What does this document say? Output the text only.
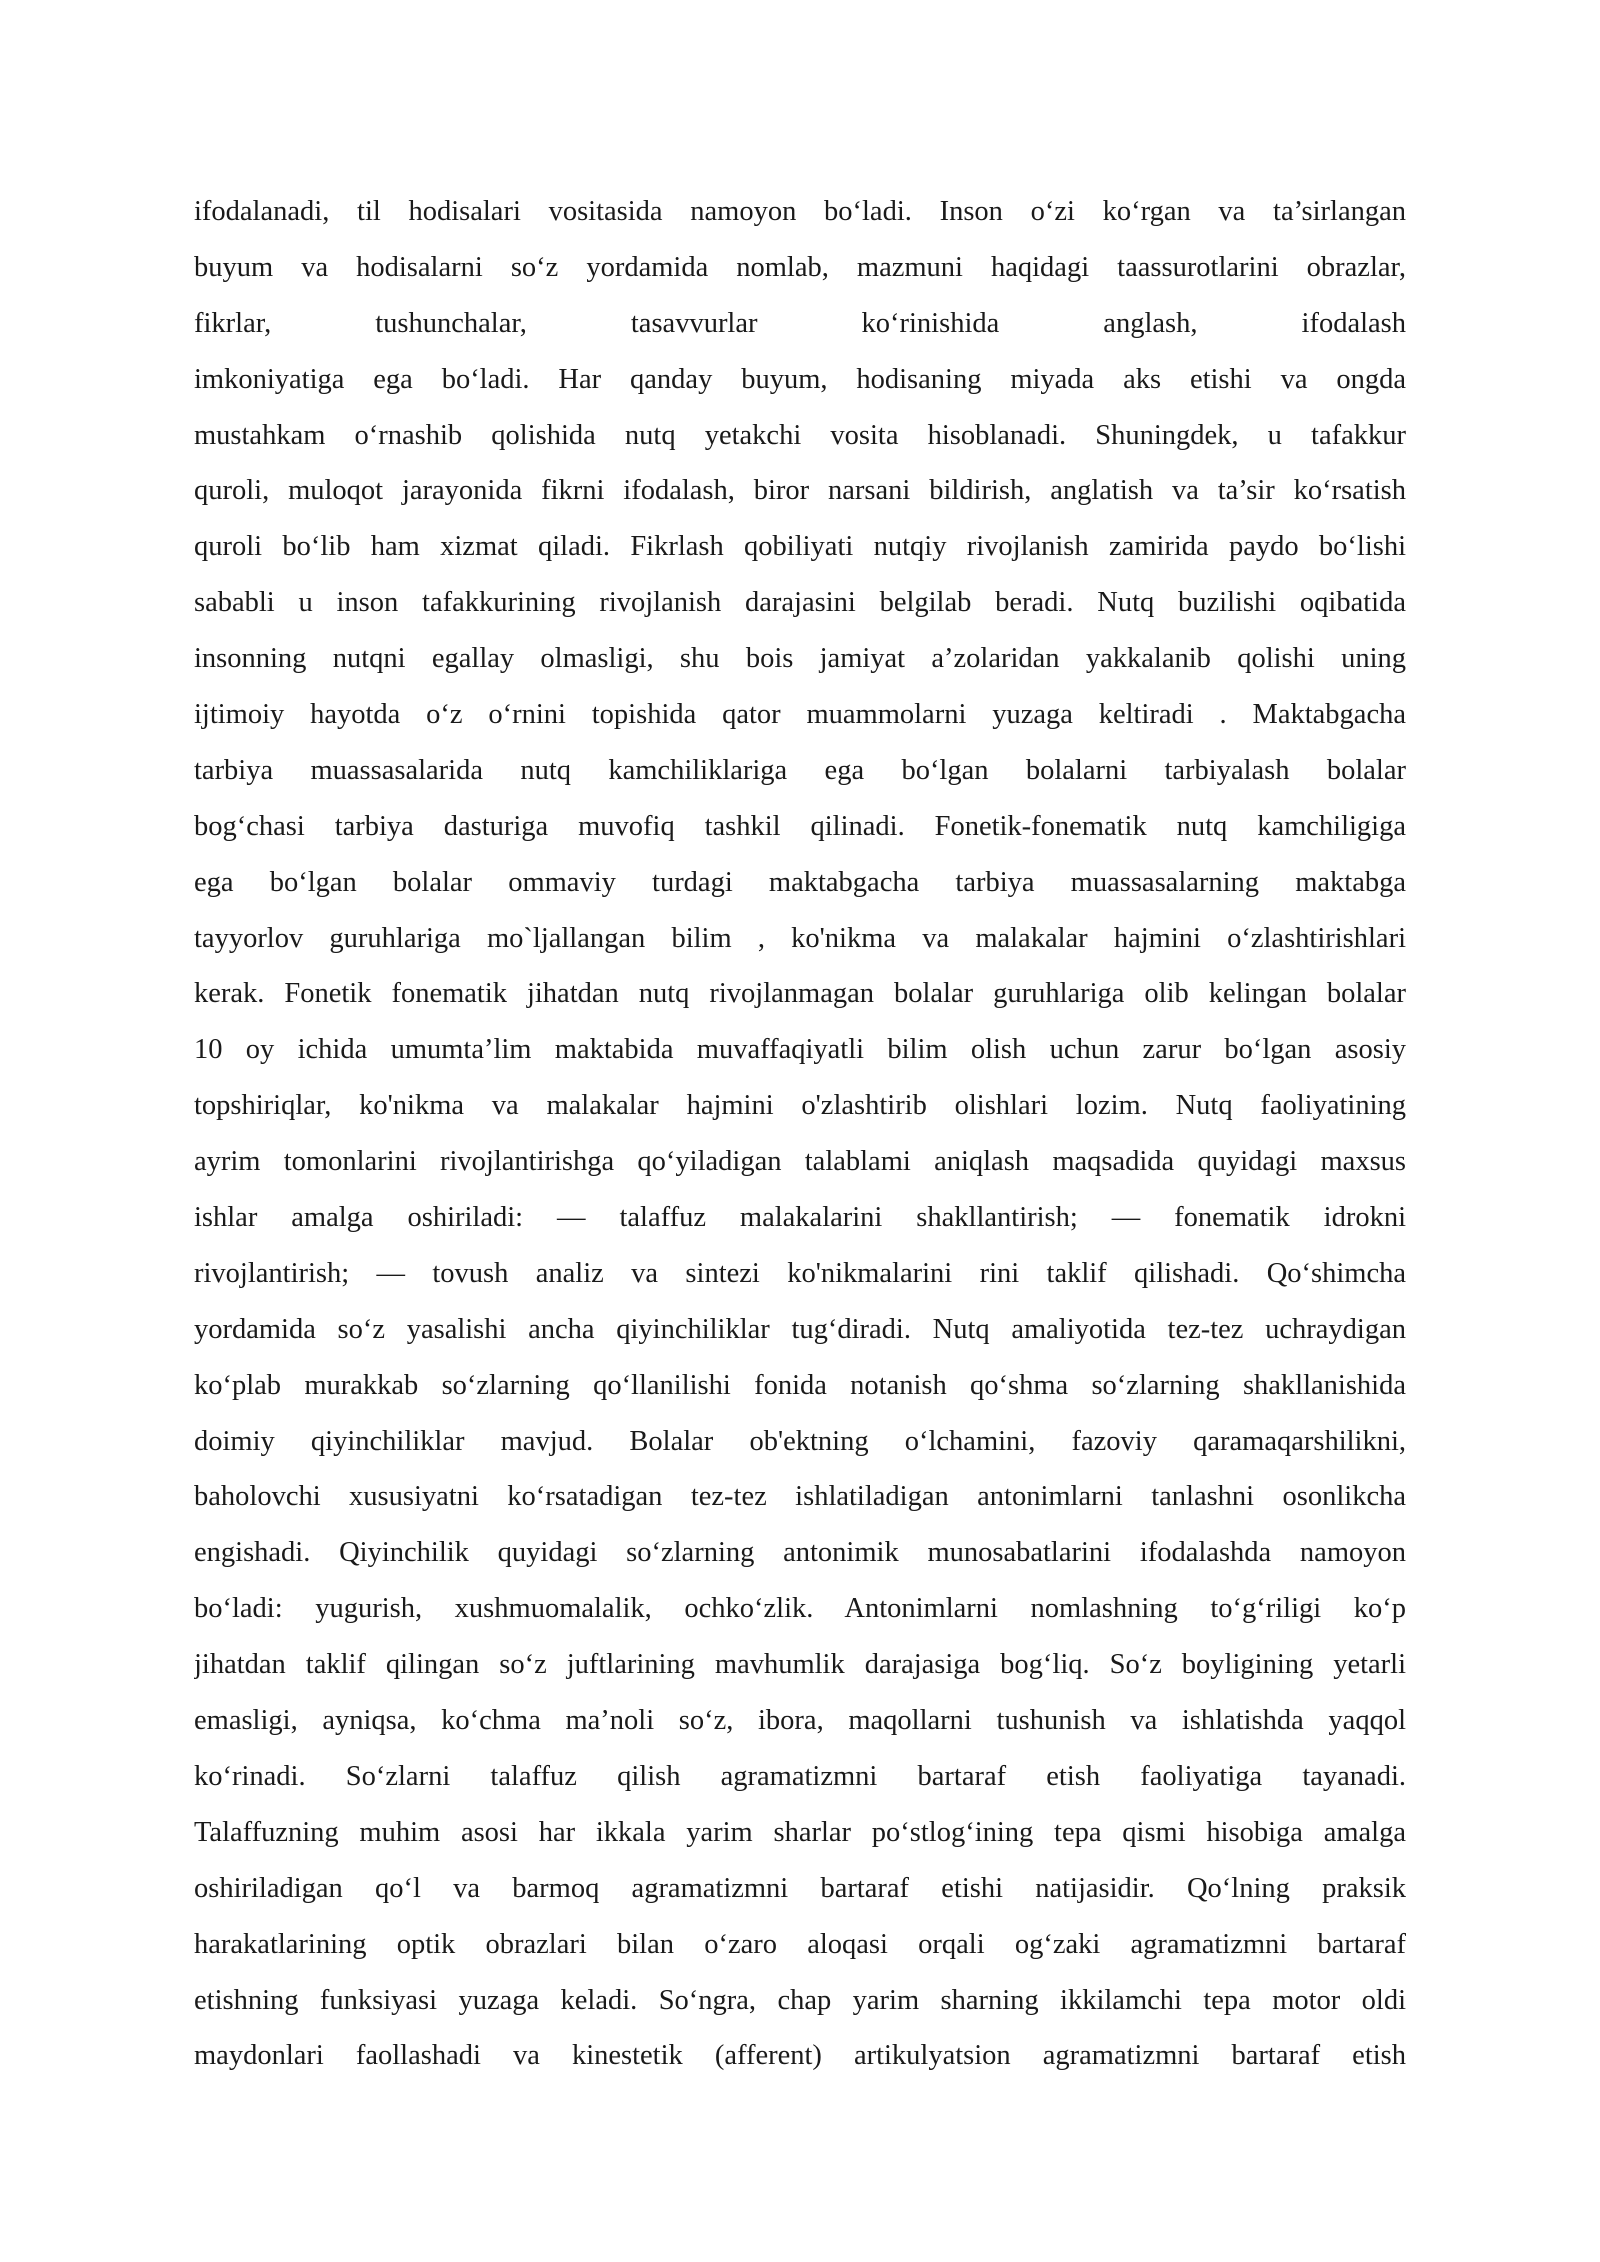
ifodalanadi, til hodisalari vositasida namoyon bo‘ladi. Inson o‘zi ko‘rgan va ta’sirlangan
buyum va hodisalarni so‘z yordamida nomlab, mazmuni haqidagi taassurotlarini obrazlar,
fikrlar, tushunchalar, tasavvurlar ko‘rinishida anglash, ifodalash
imkoniyatiga ega bo‘ladi. Har qanday buyum, hodisaning miyada aks etishi va ongda
mustahkam o‘rnashib qolishida nutq yetakchi vosita hisoblanadi. Shuningdek, u tafakkur
quroli, muloqot jarayonida fikrni ifodalash, biror narsani bildirish, anglatish va ta’sir ko‘rsatish
quroli bo‘lib ham xizmat qiladi. Fikrlash qobiliyati nutqiy rivojlanish zamirida paydo bo‘lishi
sababli u inson tafakkurining rivojlanish darajasini belgilab beradi. Nutq buzilishi oqibatida
insonning nutqni egallay olmasligi, shu bois jamiyat a’zolaridan yakkalanib qolishi uning
ijtimoiy hayotda o‘z o‘rnini topishida qator muammolarni yuzaga keltiradi . Maktabgacha
tarbiya muassasalarida nutq kamchiliklariga ega bo‘lgan bolalarni tarbiyalash bolalar
bog‘chasi tarbiya dasturiga muvofiq tashkil qilinadi. Fonetik-fonematik nutq kamchiligiga
ega bo‘lgan bolalar ommaviy turdagi maktabgacha tarbiya muassasalarning maktabga
tayyorlov guruhlariga mo`ljallangan bilim , ko'nikma va malakalar hajmini o‘zlashtirishlari
kerak. Fonetik fonematik jihatdan nutq rivojlanmagan bolalar guruhlariga olib kelingan bolalar
10 oy ichida umumta’lim maktabida muvaffaqiyatli bilim olish uchun zarur bo‘lgan asosiy
topshiriqlar, ko'nikma va malakalar hajmini o'zlashtirib olishlari lozim. Nutq faoliyatining
ayrim tomonlarini rivojlantirishga qo‘yiladigan talablami aniqlash maqsadida quyidagi maxsus
ishlar amalga oshiriladi: — talaffuz malakalarini shakllantirish; — fonematik idrokni
rivojlantirish; — tovush analiz va sintezi ko'nikmalarini rini taklif qilishadi. Qo‘shimcha
yordamida so‘z yasalishi ancha qiyinchiliklar tug‘diradi. Nutq amaliyotida tez-tez uchraydigan
ko‘plab murakkab so‘zlarning qo‘llanilishi fonida notanish qo‘shma so‘zlarning shakllanishida
doimiy qiyinchiliklar mavjud. Bolalar ob'ektning o‘lchamini, fazoviy qaramaqarshilikni,
baholovchi xususiyatni ko‘rsatadigan tez-tez ishlatiladigan antonimlarni tanlashni osonlikcha
engishadi. Qiyinchilik quyidagi so‘zlarning antonimik munosabatlarini ifodalashda namoyon
bo‘ladi: yugurish, xushmuomalalik, ochko‘zlik. Antonimlarni nomlashning to‘g‘riligi ko‘p
jihatdan taklif qilingan so‘z juftlarining mavhumlik darajasiga bog‘liq. So‘z boyligining yetarli
emasligi, ayniqsa, ko‘chma ma’noli so‘z, ibora, maqollarni tushunish va ishlatishda yaqqol
ko‘rinadi. So‘zlarni talaffuz qilish agramatizmni bartaraf etish faoliyatiga tayanadi.
Talaffuzning muhim asosi har ikkala yarim sharlar po‘stlog‘ining tepa qismi hisobiga amalga
oshiriladigan qo‘l va barmoq agramatizmni bartaraf etishi natijasidir. Qo‘lning praksik
harakatlarining optik obrazlari bilan o‘zaro aloqasi orqali og‘zaki agramatizmni bartaraf
etishning funksiyasi yuzaga keladi. So‘ngra, chap yarim sharning ikkilamchi tepa motor oldi
maydonlari faollashadi va kinestetik (afferent) artikulyatsion agramatizmni bartaraf etish
